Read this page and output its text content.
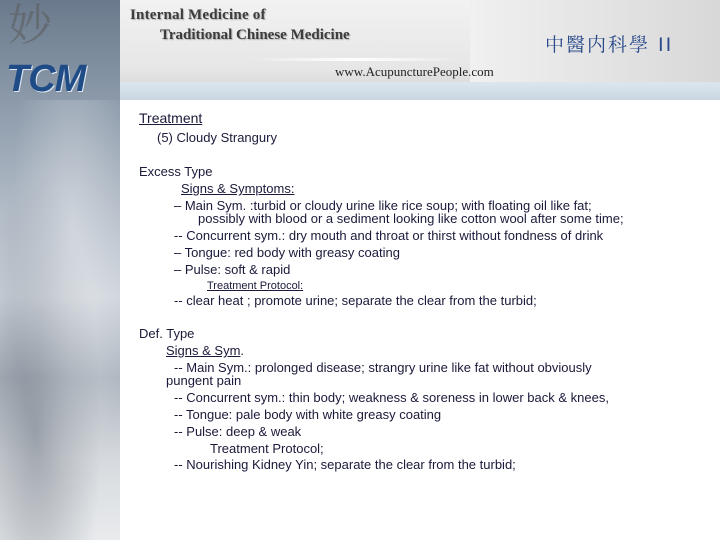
Internal Medicine of
Traditional Chinese Medicine
www.AcupuncturePeople.com
中醫内科學 II
妙
TCM
Treatment
(5) Cloudy Strangury
Excess Type
Signs & Symptoms:
– Main Sym. :turbid or cloudy urine like rice soup; with floating oil like fat;
possibly with blood or a sediment looking like cotton wool after some time;
-- Concurrent sym.: dry mouth and throat or thirst without fondness of drink
– Tongue: red body with greasy coating
– Pulse: soft & rapid
Treatment Protocol:
-- clear heat ; promote urine; separate the clear from the turbid;
Def. Type
Signs & Sym.
-- Main Sym.: prolonged disease; strangry urine like fat without obviously
pungent pain
-- Concurrent sym.: thin body; weakness & soreness in lower back & knees,
-- Tongue: pale body with white greasy coating
-- Pulse: deep & weak
Treatment Protocol;
-- Nourishing Kidney Yin; separate the clear from the turbid;
